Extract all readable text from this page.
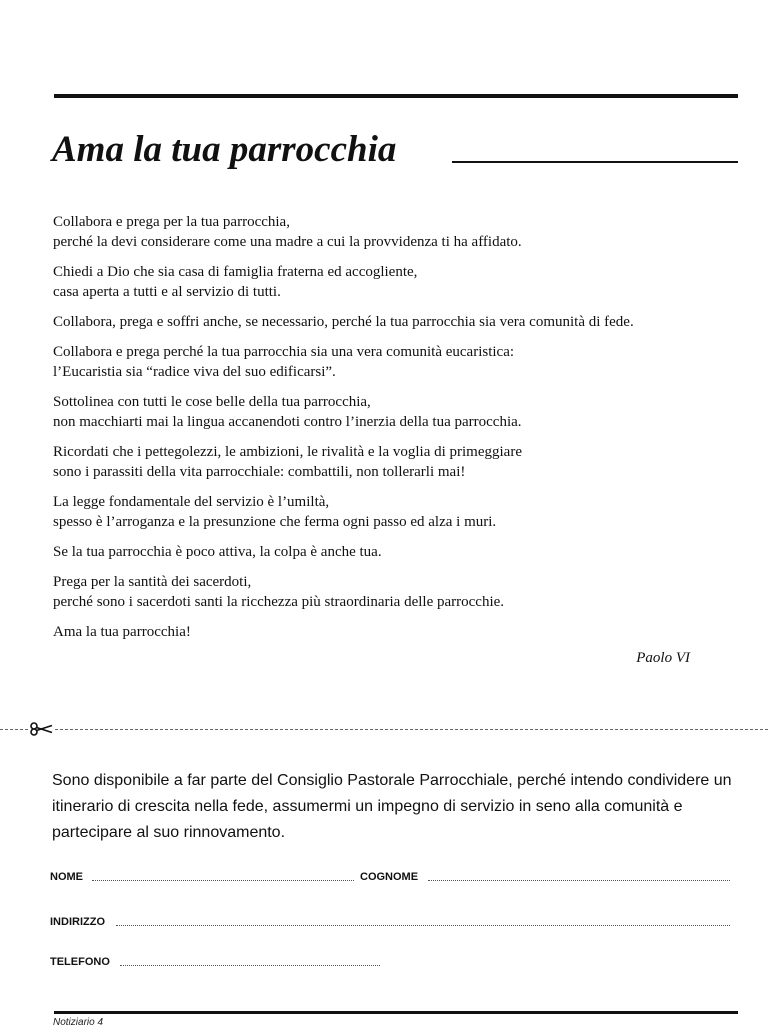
Ama la tua parrocchia

Collabora e prega per la tua parrocchia,
perché la devi considerare come una madre a cui la provvidenza ti ha affidato.

Chiedi a Dio che sia casa di famiglia fraterna ed accogliente,
casa aperta a tutti e al servizio di tutti.

Collabora, prega e soffri anche, se necessario, perché la tua parrocchia sia vera comunità di fede.

Collabora e prega perché la tua parrocchia sia una vera comunità eucaristica:
l’Eucaristia sia “radice viva del suo edificarsi”.

Sottolinea con tutti le cose belle della tua parrocchia,
non macchiarti mai la lingua accanendoti contro l’inerzia della tua parrocchia.

Ricordati che i pettegolezzi, le ambizioni, le rivalità e la voglia di primeggiare
sono i parassiti della vita parrocchiale: combattili, non tollerarli mai!

La legge fondamentale del servizio è l’umiltà,
spesso è l’arroganza e la presunzione che ferma ogni passo ed alza i muri.

Se la tua parrocchia è poco attiva, la colpa è anche tua.

Prega per la santità dei sacerdoti,
perché sono i sacerdoti santi la ricchezza più straordinaria delle parrocchie.

Ama la tua parrocchia!

Paolo VI

Sono disponibile a far parte del Consiglio Pastorale Parrocchiale, perché intendo condividere un itinerario di crescita nella fede, assumermi un impegno di servizio in seno alla comunità e partecipare al suo rinnovamento.

NOME	COGNOME
INDIRIZZO
TELEFONO
Notiziario 4
